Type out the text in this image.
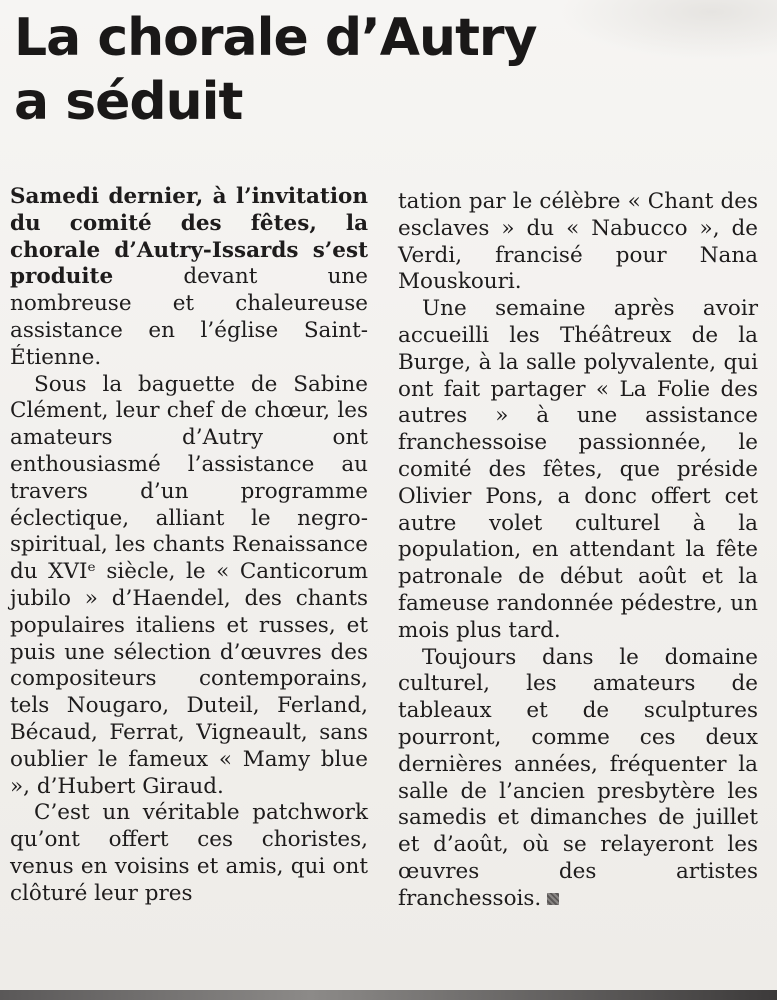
La chorale d’Autry
a séduit

Samedi dernier, à l’invitation du comité des fêtes, la chorale d’Autry-Issards s’est produite devant une nombreuse et chaleureuse assistance en l’église Saint-Étienne.

Sous la baguette de Sabine Clément, leur chef de chœur, les amateurs d’Autry ont enthousiasmé l’assistance au travers d’un programme éclectique, alliant le negro-spiritual, les chants Renaissance du XVIᵉ siècle, le « Canticorum jubilo » d’Haendel, des chants populaires italiens et russes, et puis une sélection d’œuvres des compositeurs contemporains, tels Nougaro, Duteil, Ferland, Bécaud, Ferrat, Vigneault, sans oublier le fameux « Mamy blue », d’Hubert Giraud.

C’est un véritable patchwork qu’ont offert ces choristes, venus en voisins et amis, qui ont clôturé leur pres

tation par le célèbre « Chant des esclaves » du « Nabucco », de Verdi, francisé pour Nana Mouskouri.

Une semaine après avoir accueilli les Théâtreux de la Burge, à la salle polyvalente, qui ont fait partager « La Folie des autres » à une assistance franchessoise passionnée, le comité des fêtes, que préside Olivier Pons, a donc offert cet autre volet culturel à la population, en attendant la fête patronale de début août et la fameuse randonnée pédestre, un mois plus tard.

Toujours dans le domaine culturel, les amateurs de tableaux et de sculptures pourront, comme ces deux dernières années, fréquenter la salle de l’ancien presbytère les samedis et dimanches de juillet et d’août, où se relayeront les œuvres des artistes franchessois.
